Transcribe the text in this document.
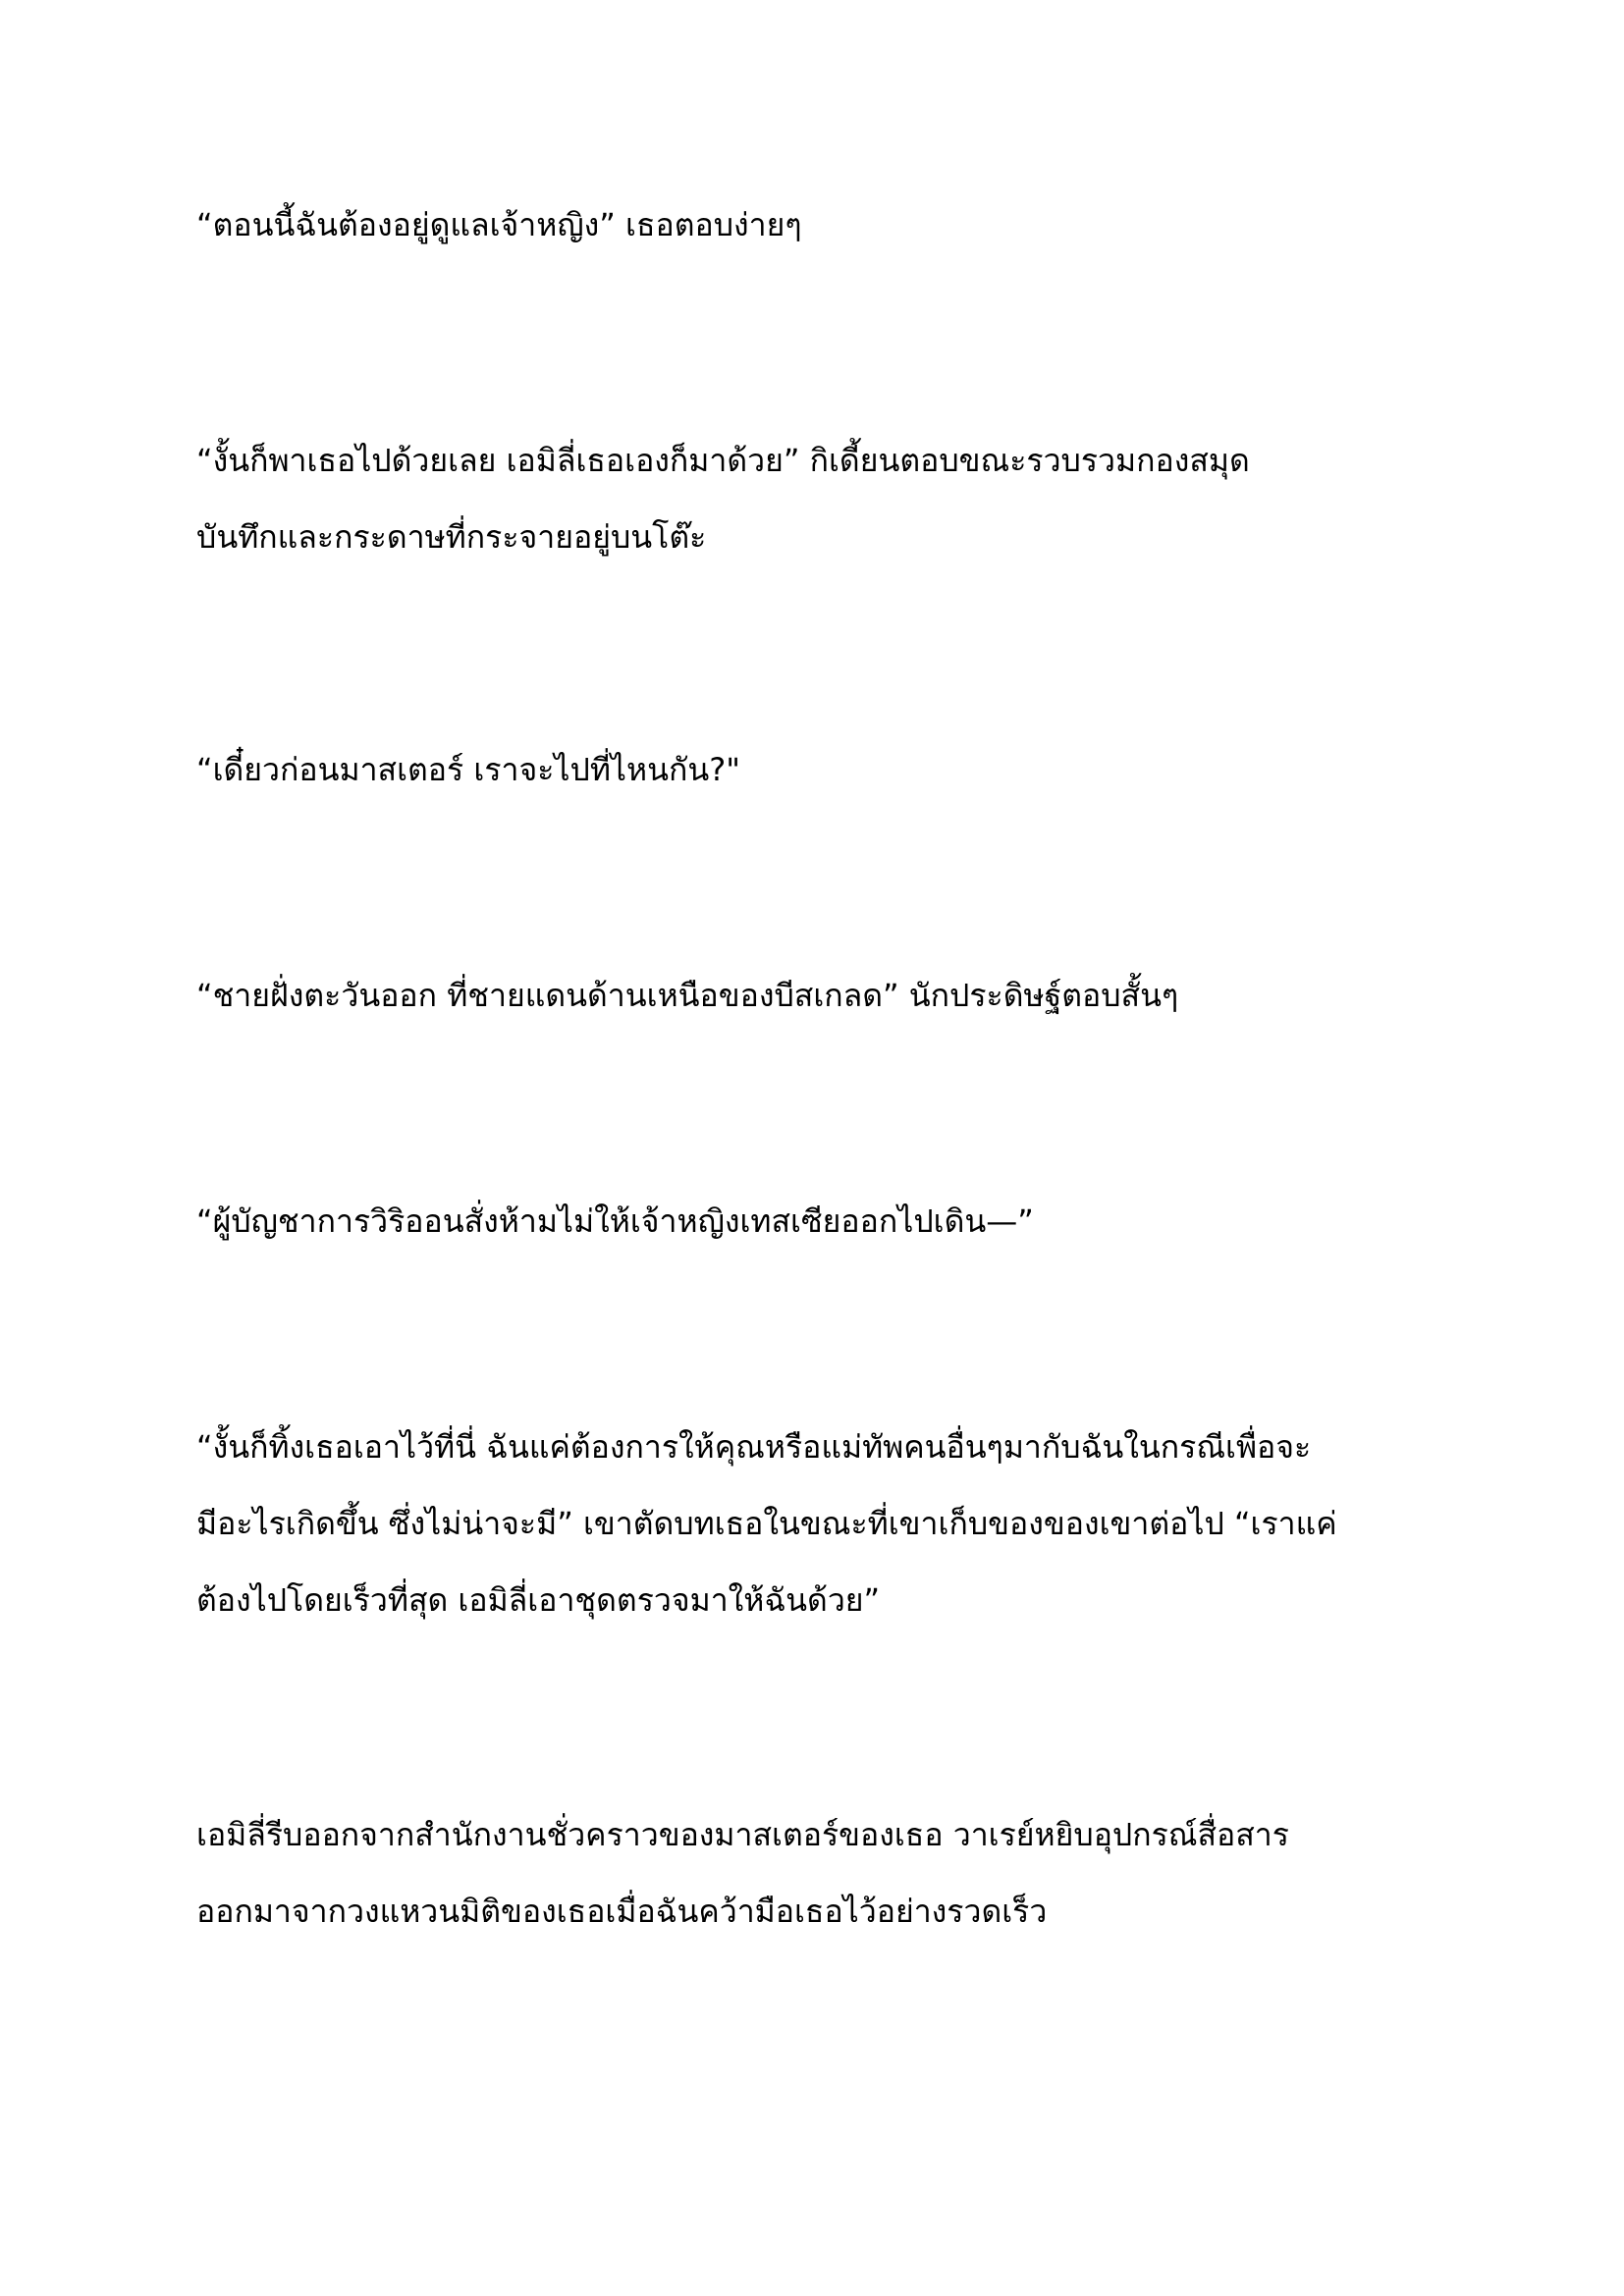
“ตอนนี้ฉันต้องอยู่ดูแลเจ้าหญิง” เธอตอบง่ายๆ

“งั้นก็พาเธอไปด้วยเลย เอมิลี่เธอเองก็มาด้วย” กิเดี้ยนตอบขณะรวบรวมกองสมุด
บันทึกและกระดาษที่กระจายอยู่บนโต๊ะ

“เดี๋ยวก่อนมาสเตอร์ เราจะไปที่ไหนกัน?"

“ชายฝั่งตะวันออก ที่ชายแดนด้านเหนือของบีสเกลด” นักประดิษฐ์ตอบสั้นๆ

“ผู้บัญชาการวิริออนสั่งห้ามไม่ให้เจ้าหญิงเทสเซียออกไปเดิน—”

“งั้นก็ทิ้งเธอเอาไว้ที่นี่ ฉันแค่ต้องการให้คุณหรือแม่ทัพคนอื่นๆมากับฉันในกรณีเพื่อจะ
มีอะไรเกิดขึ้น ซึ่งไม่น่าจะมี” เขาตัดบทเธอในขณะที่เขาเก็บของของเขาต่อไป “เราแค่
ต้องไปโดยเร็วที่สุด เอมิลี่เอาชุดตรวจมาให้ฉันด้วย”

เอมิลี่รีบออกจากสำนักงานชั่วคราวของมาสเตอร์ของเธอ วาเรย์หยิบอุปกรณ์สื่อสาร
ออกมาจากวงแหวนมิติของเธอเมื่อฉันคว้ามือเธอไว้อย่างรวดเร็ว
